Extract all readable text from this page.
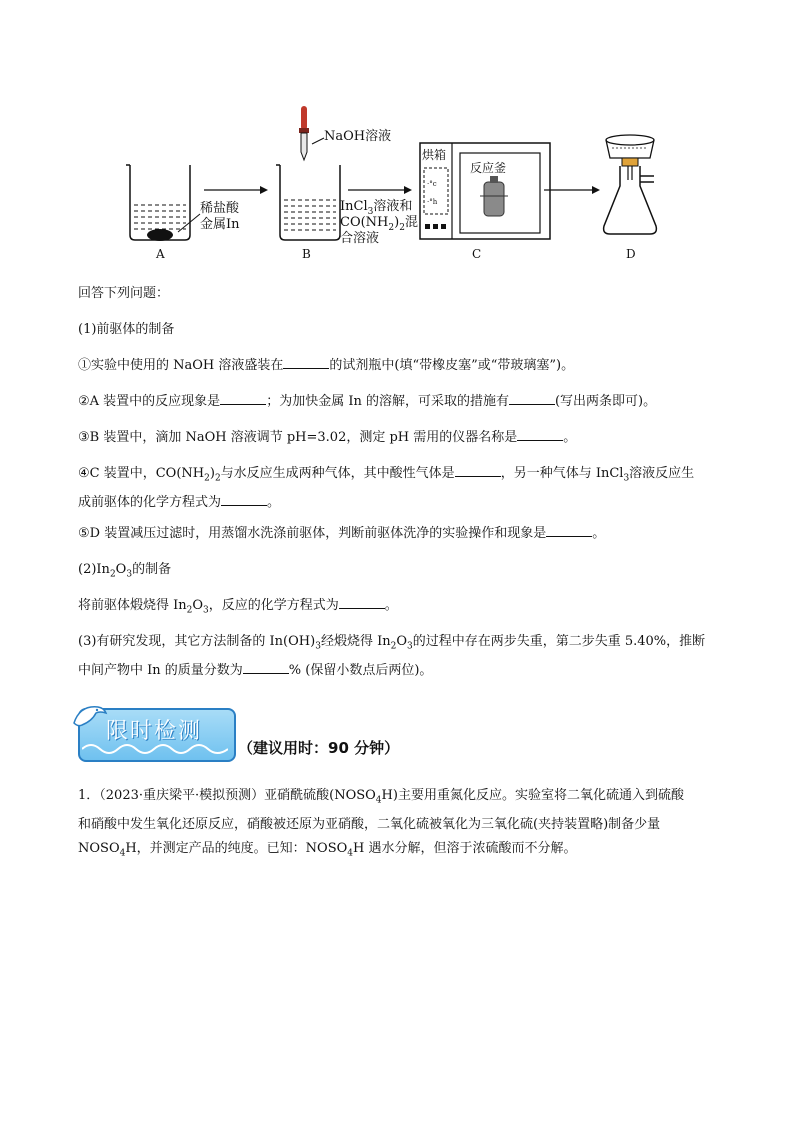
A
稀盐酸
金属In
B
NaOH溶液
InCl$_3$溶液和
$CO(NH_2)_2$混
合溶液
·°c
·°h
烘箱
反应釜
C	D

回答下列问题：

(1)前驱体的制备

①实验中使用的 NaOH 溶液盛装在	的试剂瓶中(填“带橡皮塞”或“带玻璃塞”)。

②A 装置中的反应现象是	；为加快金属 In 的溶解，可采取的措施有	(写出两条即可)。

③B 装置中，滴加 NaOH 溶液调节 pH=3.02，测定 pH 需用的仪器名称是	。

④C 装置中，$CO(NH_2)_2$与水反应生成两种气体，其中酸性气体是	，另一种气体与 InCl$_3$溶液反应生
成前驱体的化学方程式为	。

⑤D 装置减压过滤时，用蒸馏水洗涤前驱体，判断前驱体洗净的实验操作和现象是	。

$(2)In_2O_3$的制备

将前驱体煅烧得 $In_2O_3$，反应的化学方程式为	。

(3)有研究发现，其它方法制备的 $In(OH)_3$经煅烧得 $In_2O_3$的过程中存在两步失重，第二步失重 5.40%，推断
中间产物中 In 的质量分数为	% (保留小数点后两位)。

限时检测
（建议用时：90 分钟）

1．（2023·重庆梁平·模拟预测）亚硝酰硫酸$(NOSO_4H)$主要用重氮化反应。实验室将二氧化硫通入到硫酸
和硝酸中发生氧化还原反应，硝酸被还原为亚硝酸，二氧化硫被氧化为三氧化硫(夹持装置略)制备少量
$NOSO_4H$，并测定产品的纯度。已知：$NOSO_4H$ 遇水分解，但溶于浓硫酸而不分解。
